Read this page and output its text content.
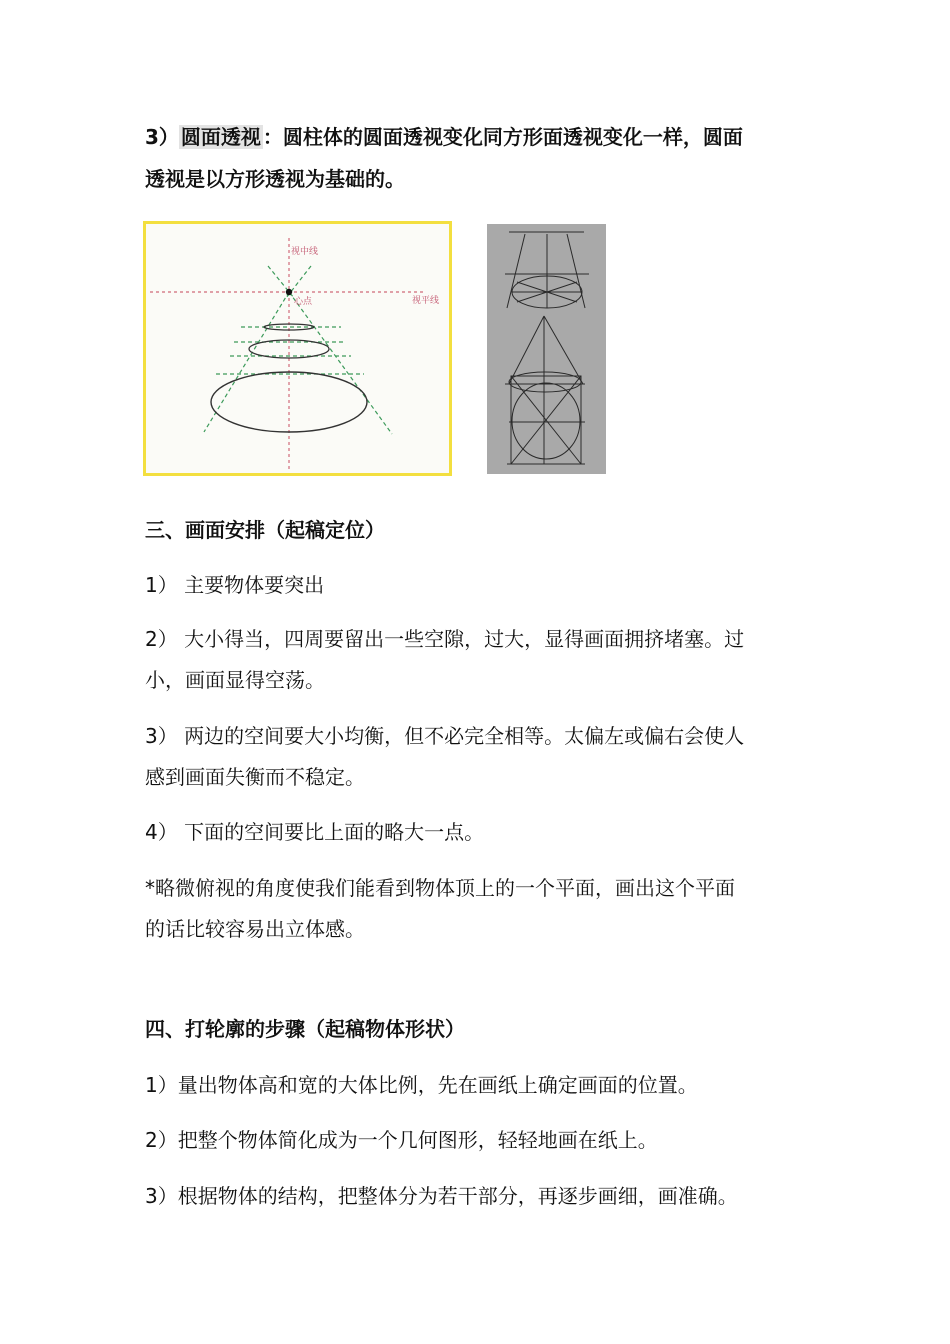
3） 圆面透视 ：圆柱体的圆面透视变化同方形面透视变化一样，圆面
透视是以方形透视为基础的。
视中线
心点	视平线
三、画面安排（起稿定位）
1） 主要物体要突出
2） 大小得当，四周要留出一些空隙，过大，显得画面拥挤堵塞。过
小，画面显得空荡。
3） 两边的空间要大小均衡，但不必完全相等。太偏左或偏右会使人
感到画面失衡而不稳定。
4） 下面的空间要比上面的略大一点。
*略微俯视的角度使我们能看到物体顶上的一个平面，画出这个平面
的话比较容易出立体感。
四、打轮廓的步骤（起稿物体形状）
1）量出物体高和宽的大体比例，先在画纸上确定画面的位置。
2）把整个物体简化成为一个几何图形，轻轻地画在纸上。
3）根据物体的结构，把整体分为若干部分，再逐步画细，画准确。
